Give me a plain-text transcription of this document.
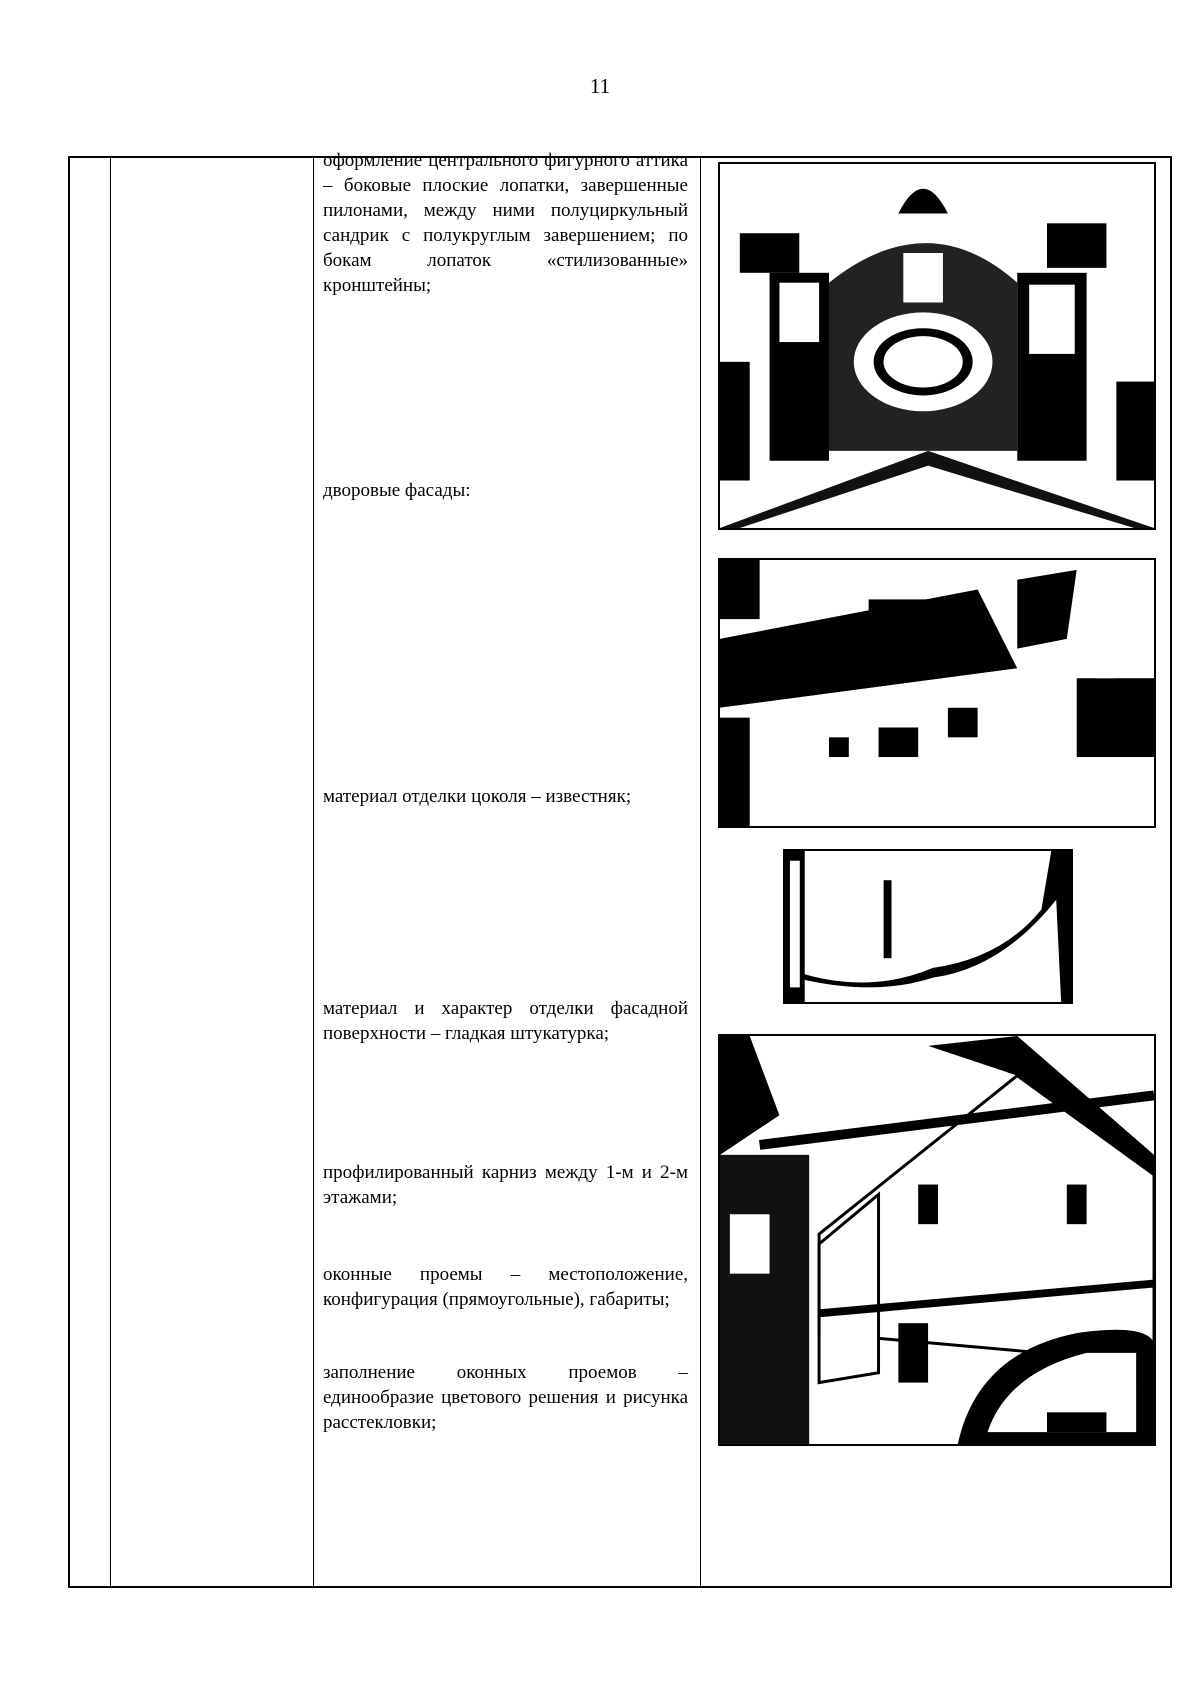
11
оформление центрального фигурного аттика – боковые плоские лопатки, завершенные пилонами, между ними полуциркульный сандрик с полукруглым завершением; по бокам лопаток «стилизованные» кронштейны;
дворовые фасады:
материал отделки цоколя – известняк;
материал и характер отделки фасадной поверхности – гладкая штукатурка;
профилированный карниз между 1-м и 2-м этажами;
оконные проемы – местоположение, конфигурация (прямоугольные), габариты;
заполнение оконных проемов – единообразие цветового решения и рисунка расстекловки;
